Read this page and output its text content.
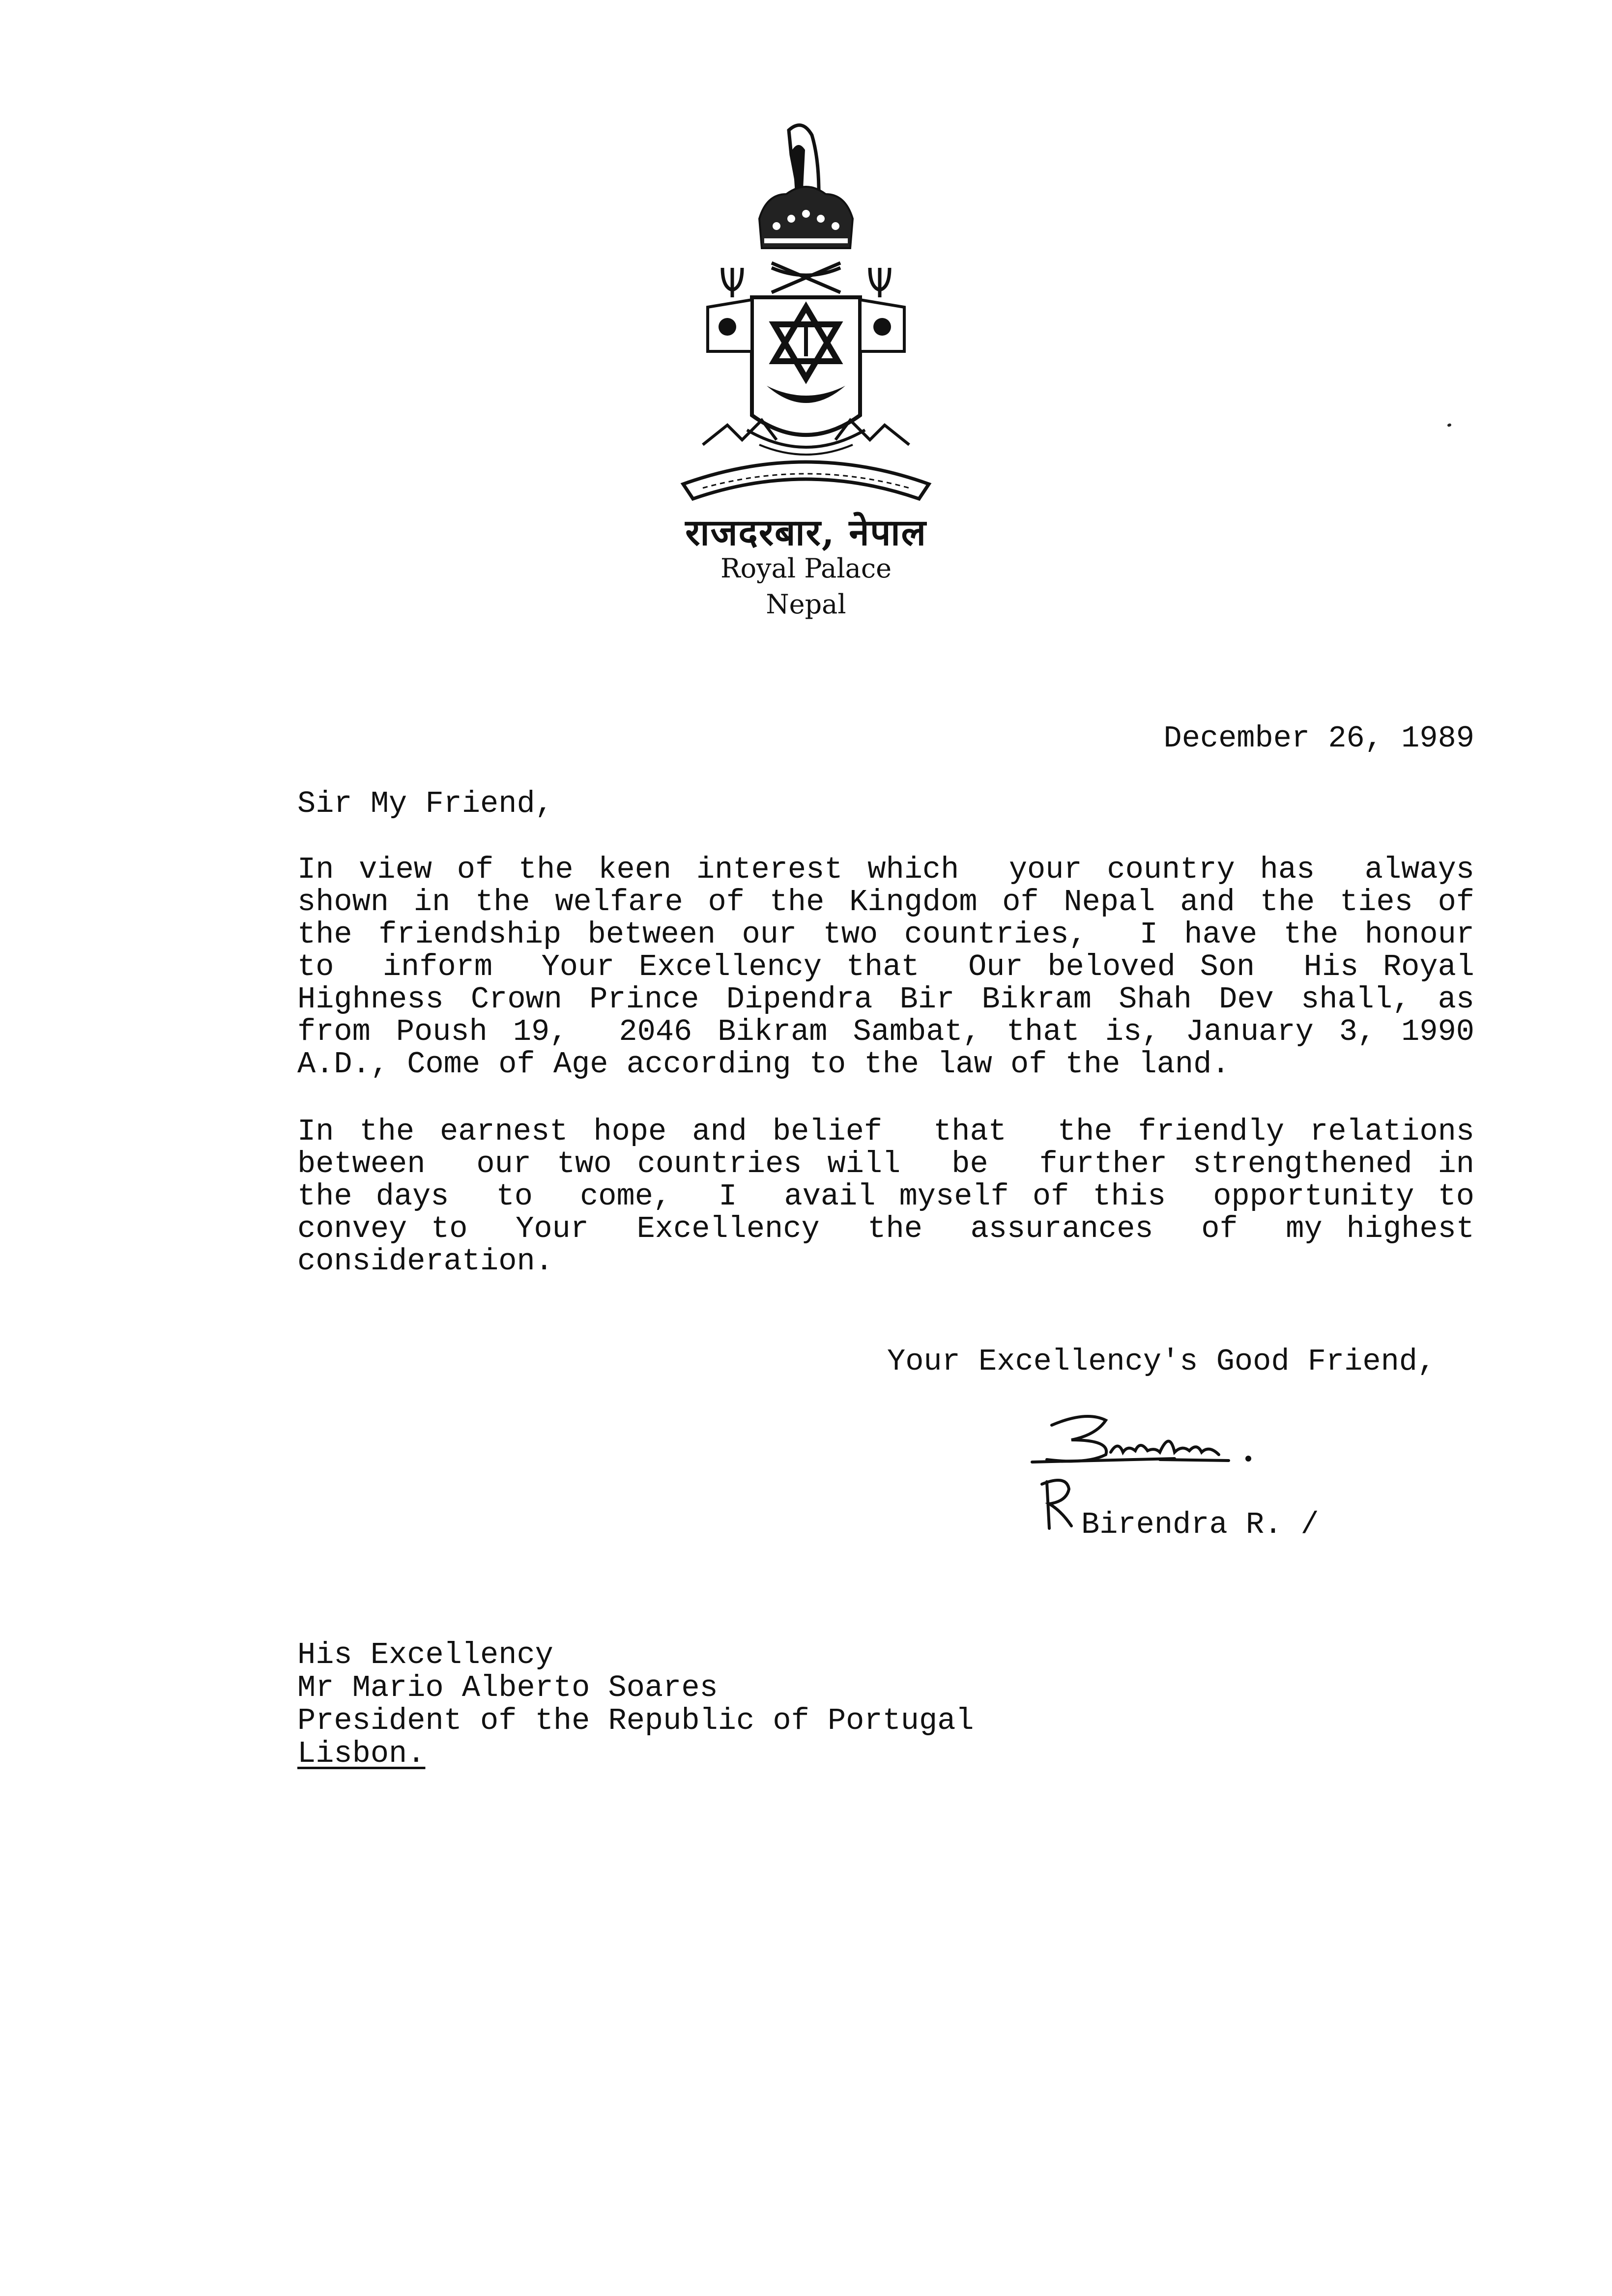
राजदरबार, नेपाल
Royal Palace
Nepal
December 26, 1989
Sir My Friend,
In view of the keen interest which  your country has  always
shown in the welfare of the Kingdom of Nepal and the ties of
the friendship between our two countries,  I have the honour
to  inform  Your Excellency that  Our beloved Son  His Royal
Highness Crown Prince Dipendra Bir Bikram Shah Dev shall, as
from Poush 19,  2046 Bikram Sambat, that is, January 3, 1990
A.D., Come of Age according to the law of the land.
In the earnest hope and belief  that  the friendly relations
between  our two countries will  be  further strengthened in
the days  to  come,  I  avail myself of this  opportunity to
convey to  Your  Excellency  the  assurances  of  my highest
consideration.
Your Excellency's Good Friend,
Birendra R. /
His Excellency
Mr Mario Alberto Soares
President of the Republic of Portugal
Lisbon.
